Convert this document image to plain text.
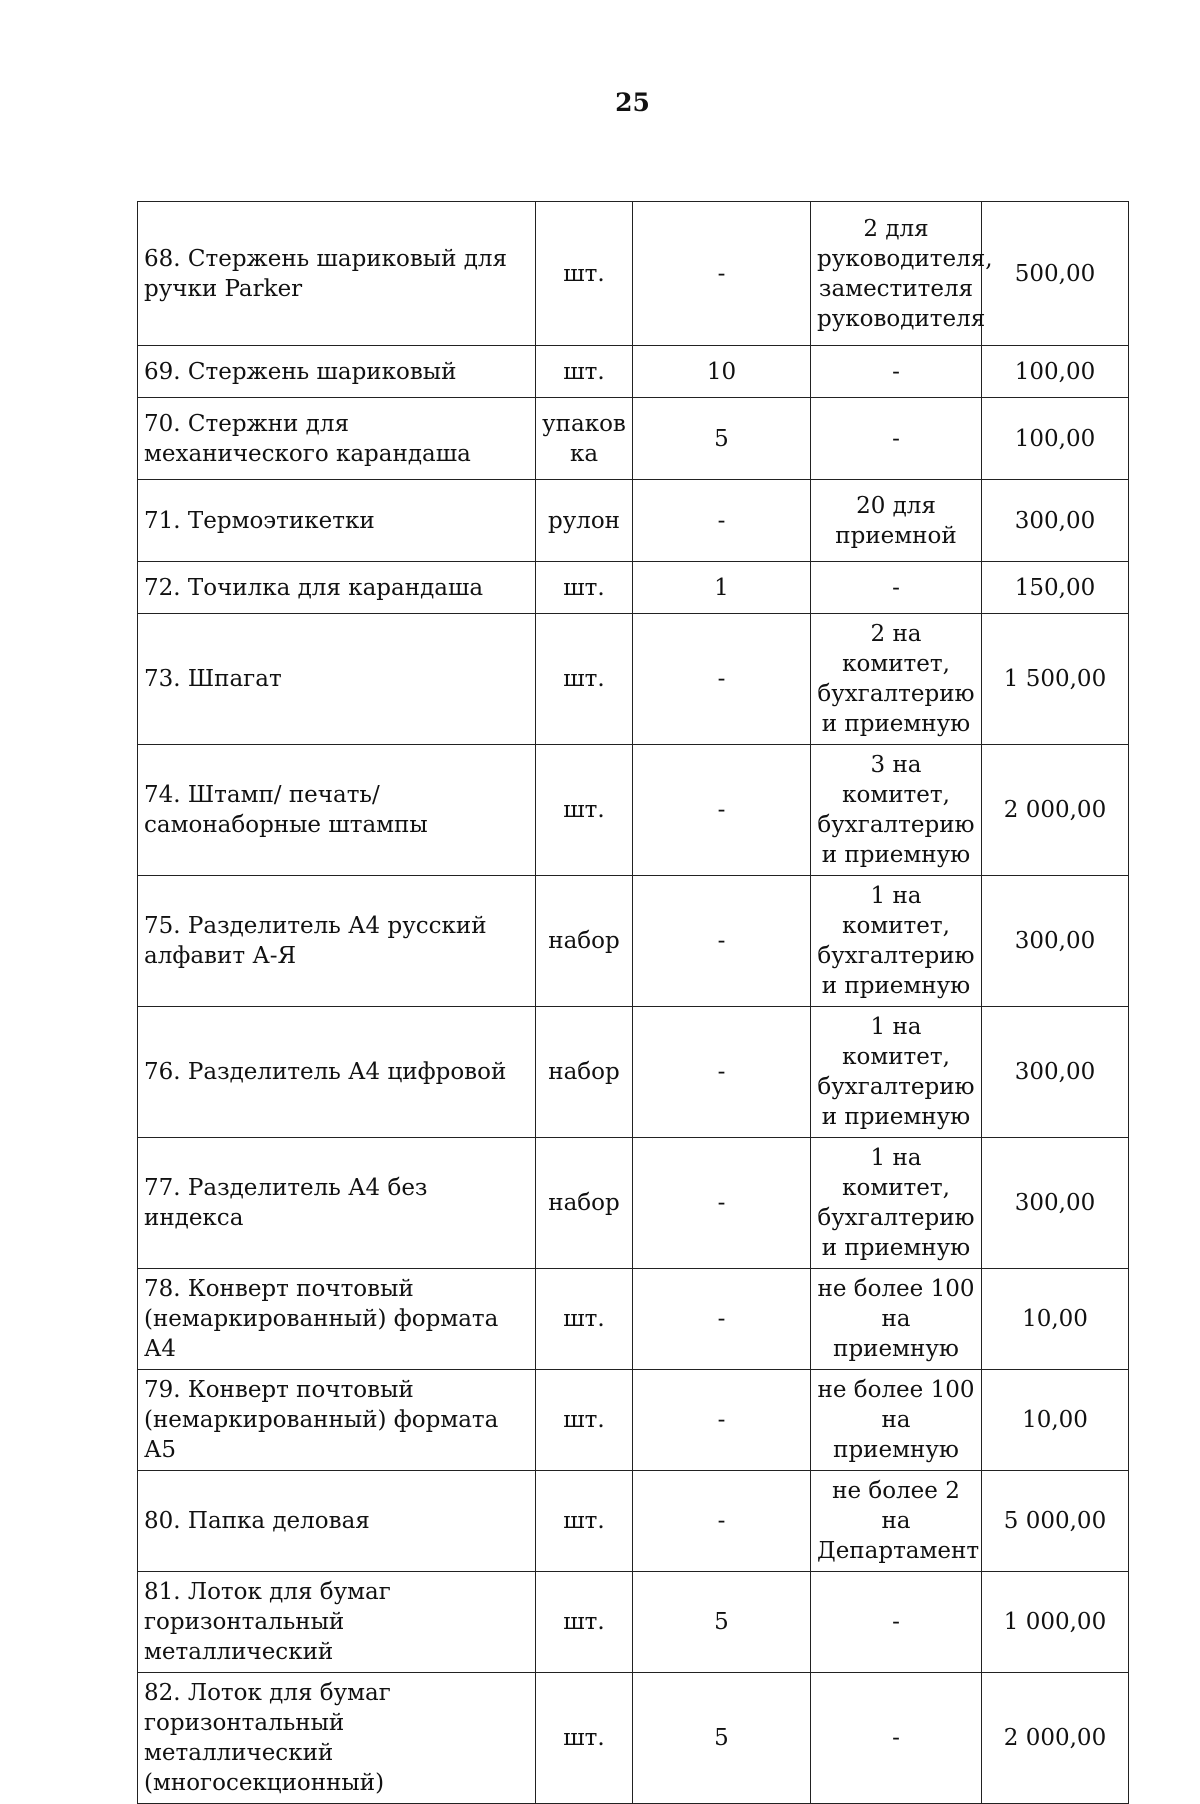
25
68. Стержень шариковый для ручки Parker	шт.	-	2 для руководителя, заместителя руководителя	500,00
69. Стержень шариковый	шт.	10	-	100,00
70. Стержни для механического карандаша	упаковка	5	-	100,00
71. Термоэтикетки	рулон	-	20 для приемной	300,00
72. Точилка для карандаша	шт.	1	-	150,00
73. Шпагат	шт.	-	2 на комитет, бухгалтерию и приемную	1 500,00
74. Штамп/ печать/ самонаборные штампы	шт.	-	3 на комитет, бухгалтерию и приемную	2 000,00
75. Разделитель А4 русский алфавит А-Я	набор	-	1 на комитет, бухгалтерию и приемную	300,00
76. Разделитель А4 цифровой	набор	-	1 на комитет, бухгалтерию и приемную	300,00
77. Разделитель А4 без индекса	набор	-	1 на комитет, бухгалтерию и приемную	300,00
78. Конверт почтовый (немаркированный) формата А4	шт.	-	не более 100 на приемную	10,00
79. Конверт почтовый (немаркированный) формата А5	шт.	-	не более 100 на приемную	10,00
80. Папка деловая	шт.	-	не более 2 на Департамент	5 000,00
81. Лоток для бумаг горизонтальный металлический	шт.	5	-	1 000,00
82. Лоток для бумаг горизонтальный металлический (многосекционный)	шт.	5	-	2 000,00
